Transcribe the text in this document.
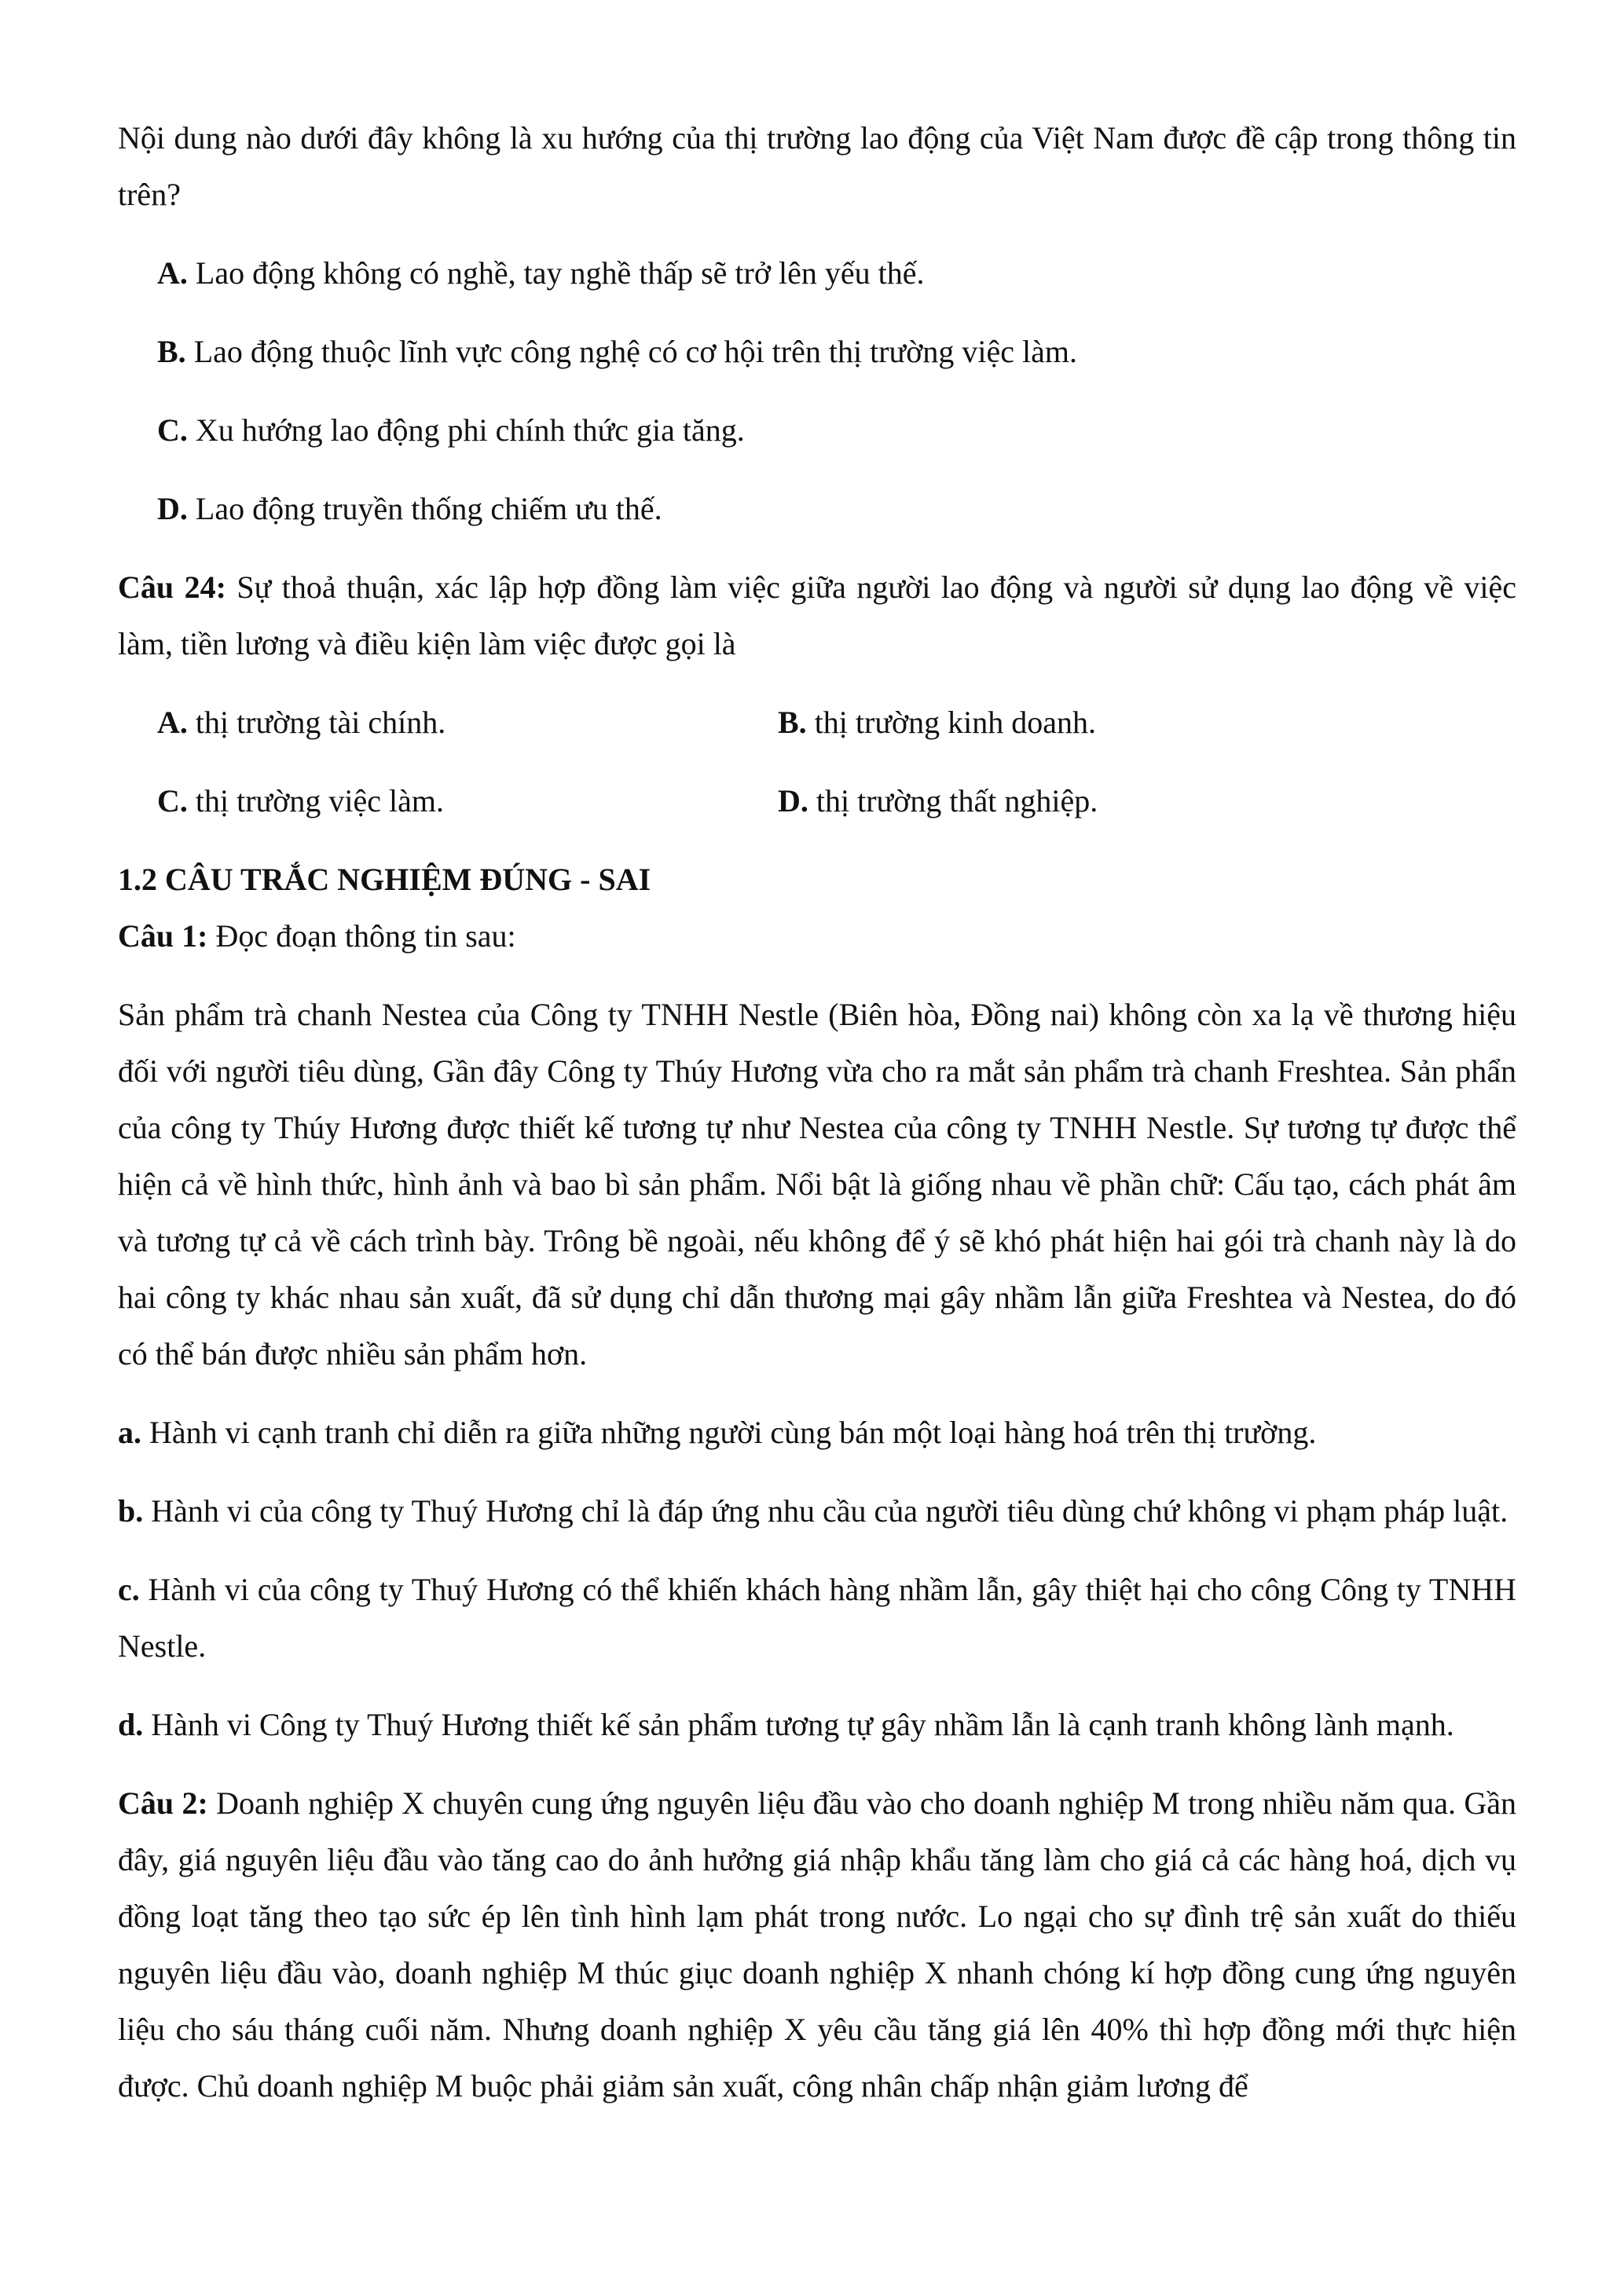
Nội dung nào dưới đây không là xu hướng của thị trường lao động của Việt Nam được đề cập trong thông tin trên?

A. Lao động không có nghề, tay nghề thấp sẽ trở lên yếu thế.
B. Lao động thuộc lĩnh vực công nghệ có cơ hội trên thị trường việc làm.
C. Xu hướng lao động phi chính thức gia tăng.
D. Lao động truyền thống chiếm ưu thế.

Câu 24: Sự thoả thuận, xác lập hợp đồng làm việc giữa người lao động và người sử dụng lao động về việc làm, tiền lương và điều kiện làm việc được gọi là

A. thị trường tài chính.	B. thị trường kinh doanh.
C. thị trường việc làm.	D. thị trường thất nghiệp.
1.2 CÂU TRẮC NGHIỆM ĐÚNG - SAI
Câu 1: Đọc đoạn thông tin sau:

Sản phẩm trà chanh Nestea của Công ty TNHH Nestle (Biên hòa, Đồng nai) không còn xa lạ về thương hiệu đối với người tiêu dùng, Gần đây Công ty Thúy Hương vừa cho ra mắt sản phẩm trà chanh Freshtea. Sản phẩn của công ty Thúy Hương được thiết kế tương tự như Nestea của công ty TNHH Nestle. Sự tương tự được thể hiện cả về hình thức, hình ảnh và bao bì sản phẩm. Nổi bật là giống nhau về phần chữ: Cấu tạo, cách phát âm và tương tự cả về cách trình bày. Trông bề ngoài, nếu không để ý sẽ khó phát hiện hai gói trà chanh này là do hai công ty khác nhau sản xuất, đã sử dụng chỉ dẫn thương mại gây nhầm lẫn giữa Freshtea và Nestea, do đó có thể bán được nhiều sản phẩm hơn.

a. Hành vi cạnh tranh chỉ diễn ra giữa những người cùng bán một loại hàng hoá trên thị trường.

b. Hành vi của công ty Thuý Hương chỉ là đáp ứng nhu cầu của người tiêu dùng chứ không vi phạm pháp luật.

c. Hành vi của công ty Thuý Hương có thể khiến khách hàng nhầm lẫn, gây thiệt hại cho công Công ty TNHH Nestle.

d. Hành vi Công ty Thuý Hương thiết kế sản phẩm tương tự gây nhầm lẫn là cạnh tranh không lành mạnh.

Câu 2: Doanh nghiệp X chuyên cung ứng nguyên liệu đầu vào cho doanh nghiệp M trong nhiều năm qua. Gần đây, giá nguyên liệu đầu vào tăng cao do ảnh hưởng giá nhập khẩu tăng làm cho giá cả các hàng hoá, dịch vụ đồng loạt tăng theo tạo sức ép lên tình hình lạm phát trong nước. Lo ngại cho sự đình trệ sản xuất do thiếu nguyên liệu đầu vào, doanh nghiệp M thúc giục doanh nghiệp X nhanh chóng kí hợp đồng cung ứng nguyên liệu cho sáu tháng cuối năm. Nhưng doanh nghiệp X yêu cầu tăng giá lên 40% thì hợp đồng mới thực hiện được. Chủ doanh nghiệp M buộc phải giảm sản xuất, công nhân chấp nhận giảm lương để
